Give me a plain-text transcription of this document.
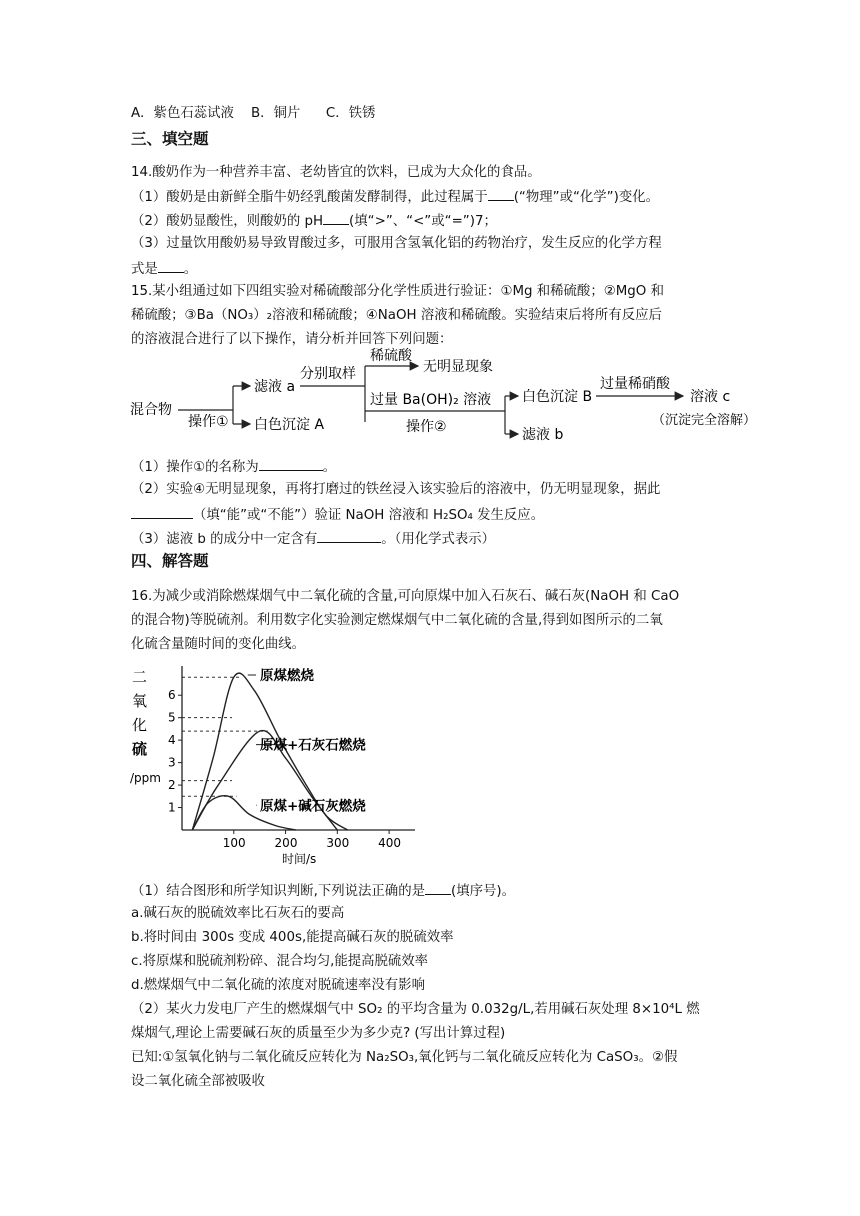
A．紫色石蕊试液 B．铜片 C．铁锈
三、填空题
14.酸奶作为一种营养丰富、老幼皆宜的饮料，已成为大众化的食品。
（1）酸奶是由新鲜全脂牛奶经乳酸菌发酵制得，此过程属于 (“物理”或“化学”)变化。
（2）酸奶显酸性，则酸奶的 pH (填“>”、“<”或“=”)7；
（3）过量饮用酸奶易导致胃酸过多，可服用含氢氧化铝的药物治疗，发生反应的化学方程
式是 。
15.某小组通过如下四组实验对稀硫酸部分化学性质进行验证：①Mg 和稀硫酸；②MgO 和
稀硫酸；③Ba（NO₃）₂溶液和稀硫酸；④NaOH 溶液和稀硫酸。实验结束后将所有反应后
的溶液混合进行了以下操作，请分析并回答下列问题：
混合物
操作①
滤液 a
白色沉淀 A
分别取样
稀硫酸
无明显现象
过量 Ba(OH)₂ 溶液
操作②
白色沉淀 B
滤液 b
过量稀硝酸
溶液 c
（沉淀完全溶解）
（1）操作①的名称为	。
（2）实验④无明显现象，再将打磨过的铁丝浸入该实验后的溶液中，仍无明显现象，据此
（填“能”或“不能”）验证 NaOH 溶液和 H₂SO₄ 发生反应。
（3）滤液 b 的成分中一定含有	。（用化学式表示）
四、解答题
16.为减少或消除燃煤烟气中二氧化硫的含量,可向原煤中加入石灰石、碱石灰(NaOH 和 CaO
的混合物)等脱硫剂。利用数字化实验测定燃煤烟气中二氧化硫的含量,得到如图所示的二氧
化硫含量随时间的变化曲线。
二
氧
化
硫
/ppm
1
2
3
4
5
6
100 200 300 400
原煤燃烧
原煤+石灰石燃烧
原煤+碱石灰燃烧
时间/s
（1）结合图形和所学知识判断,下列说法正确的是 (填序号)。
a.碱石灰的脱硫效率比石灰石的要高
b.将时间由 300s 变成 400s,能提高碱石灰的脱硫效率
c.将原煤和脱硫剂粉碎、混合均匀,能提高脱硫效率
d.燃煤烟气中二氧化硫的浓度对脱硫速率没有影响
（2）某火力发电厂产生的燃煤烟气中 SO₂ 的平均含量为 0.032g/L,若用碱石灰处理 8×10⁴L 燃
煤烟气,理论上需要碱石灰的质量至少为多少克? (写出计算过程)
已知:①氢氧化钠与二氧化硫反应转化为 Na₂SO₃,氧化钙与二氧化硫反应转化为 CaSO₃。②假
设二氧化硫全部被吸收
